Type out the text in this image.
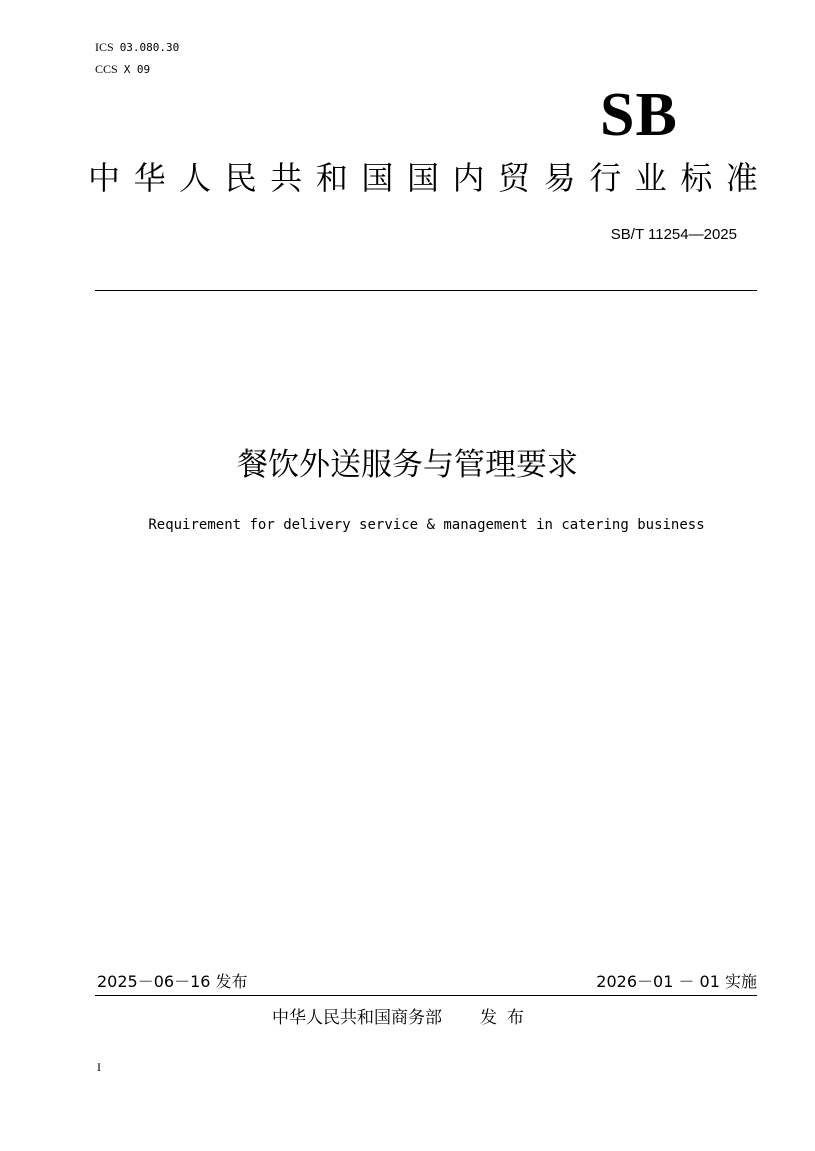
ICS 03.080.30
CCS X 09
SB
中 华 人 民 共 和 国 国 内 贸 易 行 业 标 准
SB/T 11254—2025
餐饮外送服务与管理要求
Requirement for delivery service & management in catering business
2025－06－16 发布	2026－01 － 01 实施
中华人民共和国商务部 发布
I
